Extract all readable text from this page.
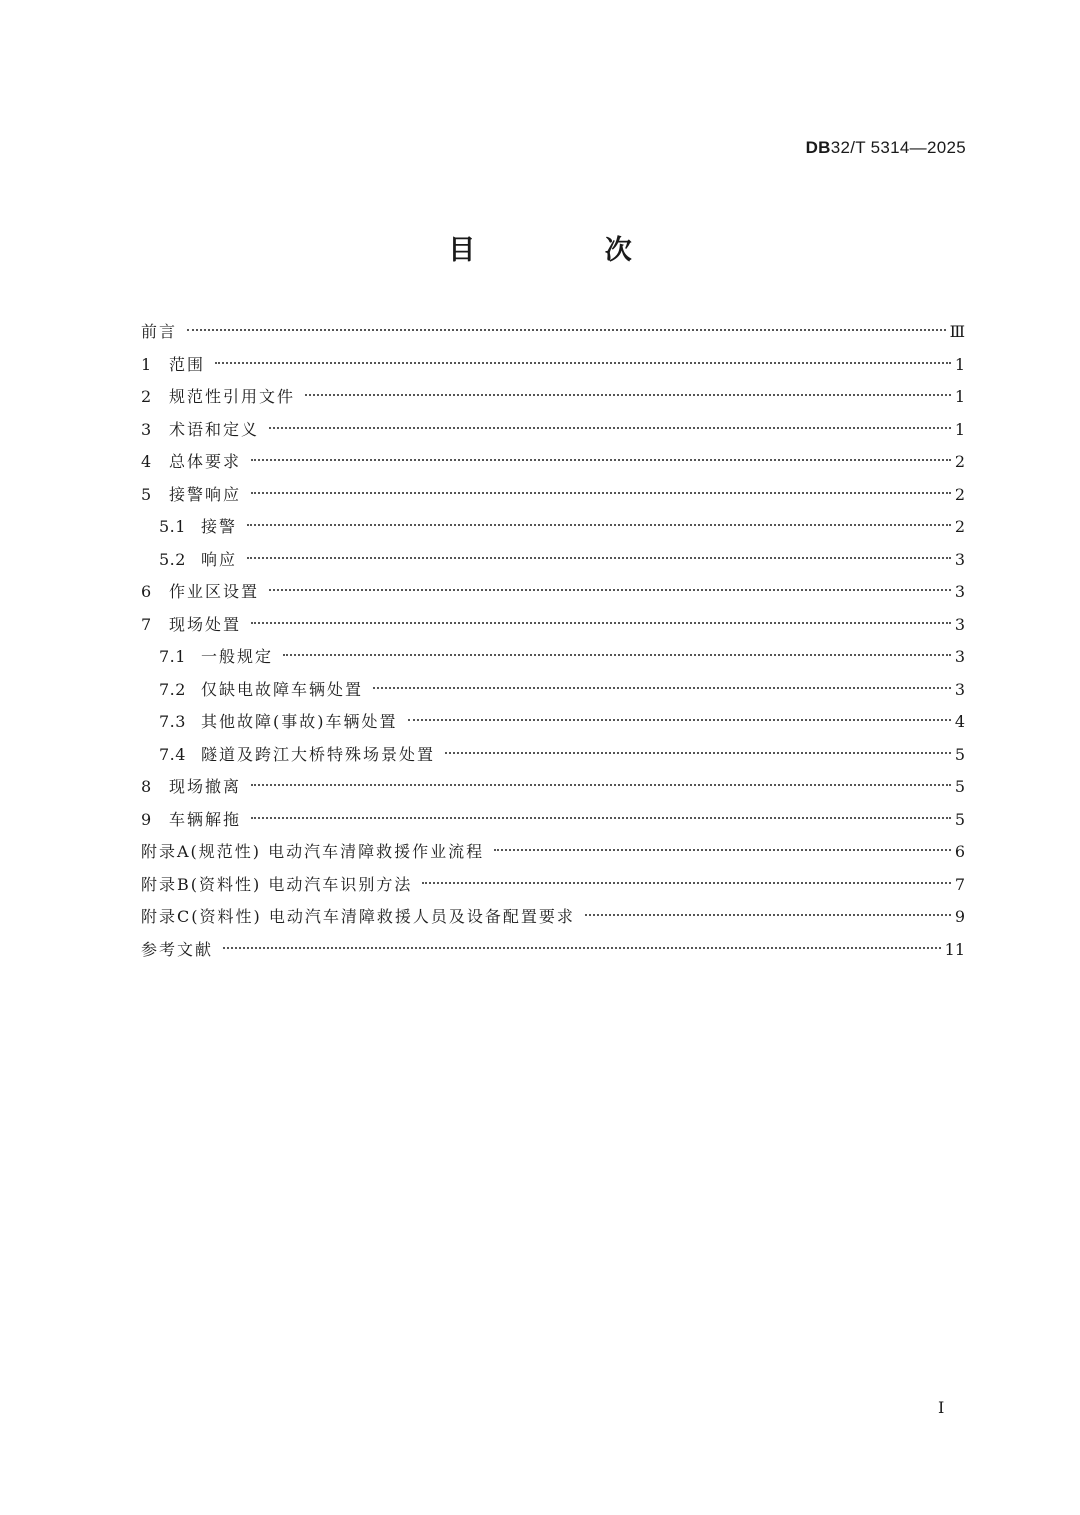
DB32/T 5314—2025
目 次
前言	Ⅲ
1	范围	1
2	规范性引用文件	1
3	术语和定义	1
4	总体要求	2
5	接警响应	2
5.1 接警	2
5.2 响应	3
6	作业区设置	3
7	现场处置	3
7.1 一般规定	3
7.2 仅缺电故障车辆处置	3
7.3 其他故障(事故)车辆处置	4
7.4 隧道及跨江大桥特殊场景处置	5
8	现场撤离	5
9	车辆解拖	5
附录A(规范性) 电动汽车清障救援作业流程	6
附录B(资料性) 电动汽车识别方法	7
附录C(资料性) 电动汽车清障救援人员及设备配置要求	9
参考文献	11
I
